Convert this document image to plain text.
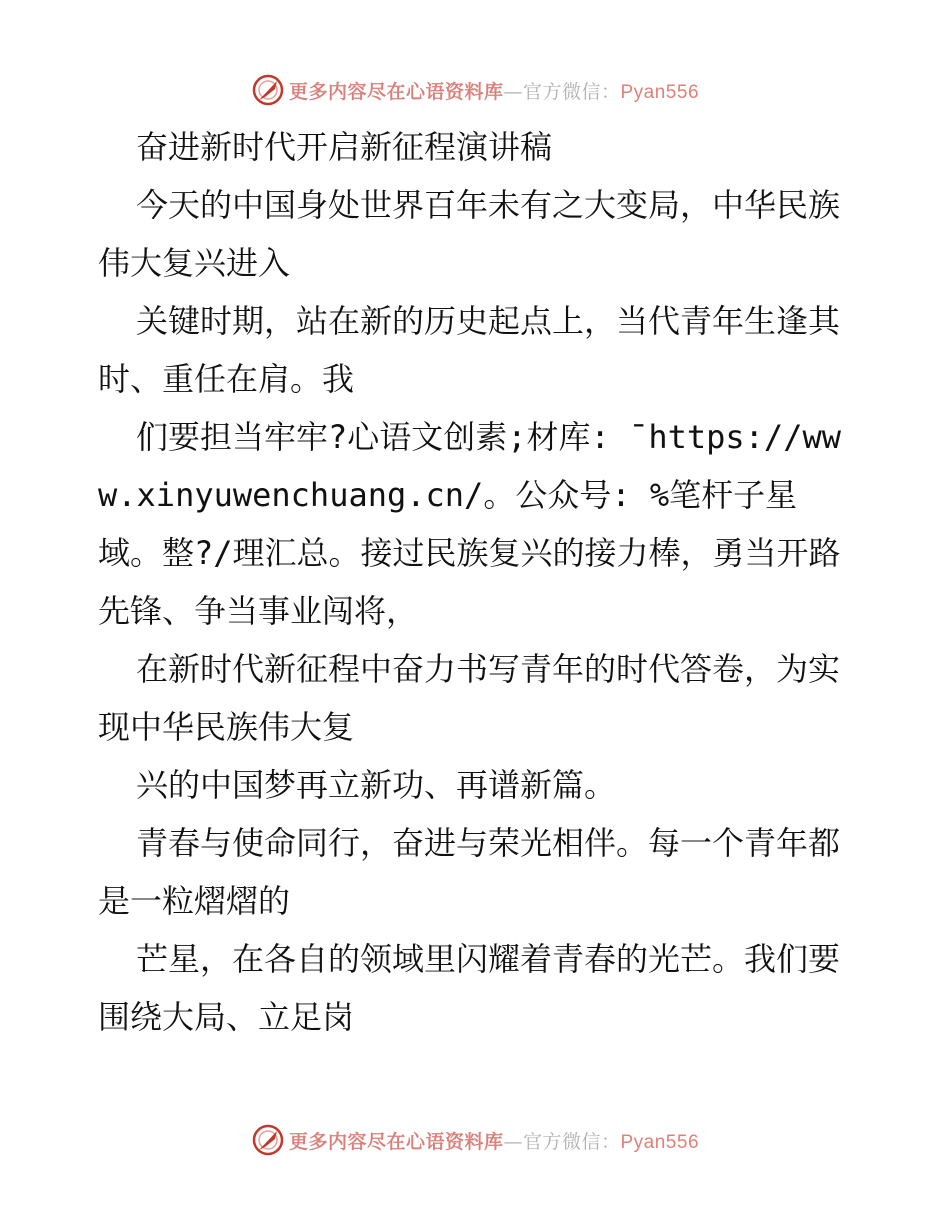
更多内容尽在心语资料库—官方微信：Pyan556

奋进新时代开启新征程演讲稿

今天的中国身处世界百年未有之大变局，中华民族伟大复兴进入

关键时期，站在新的历史起点上，当代青年生逢其时、重任在肩。我

们要担当牢牢?心语文创素;材库: ¯https://www.xinyuwenchuang.cn/。公众号: %笔杆子星域。整?/理汇总。接过民族复兴的接力棒，勇当开路先锋、争当事业闯将，

在新时代新征程中奋力书写青年的时代答卷，为实现中华民族伟大复

兴的中国梦再立新功、再谱新篇。

青春与使命同行，奋进与荣光相伴。每一个青年都是一粒熠熠的

芒星，在各自的领域里闪耀着青春的光芒。我们要围绕大局、立足岗

更多内容尽在心语资料库—官方微信：Pyan556
